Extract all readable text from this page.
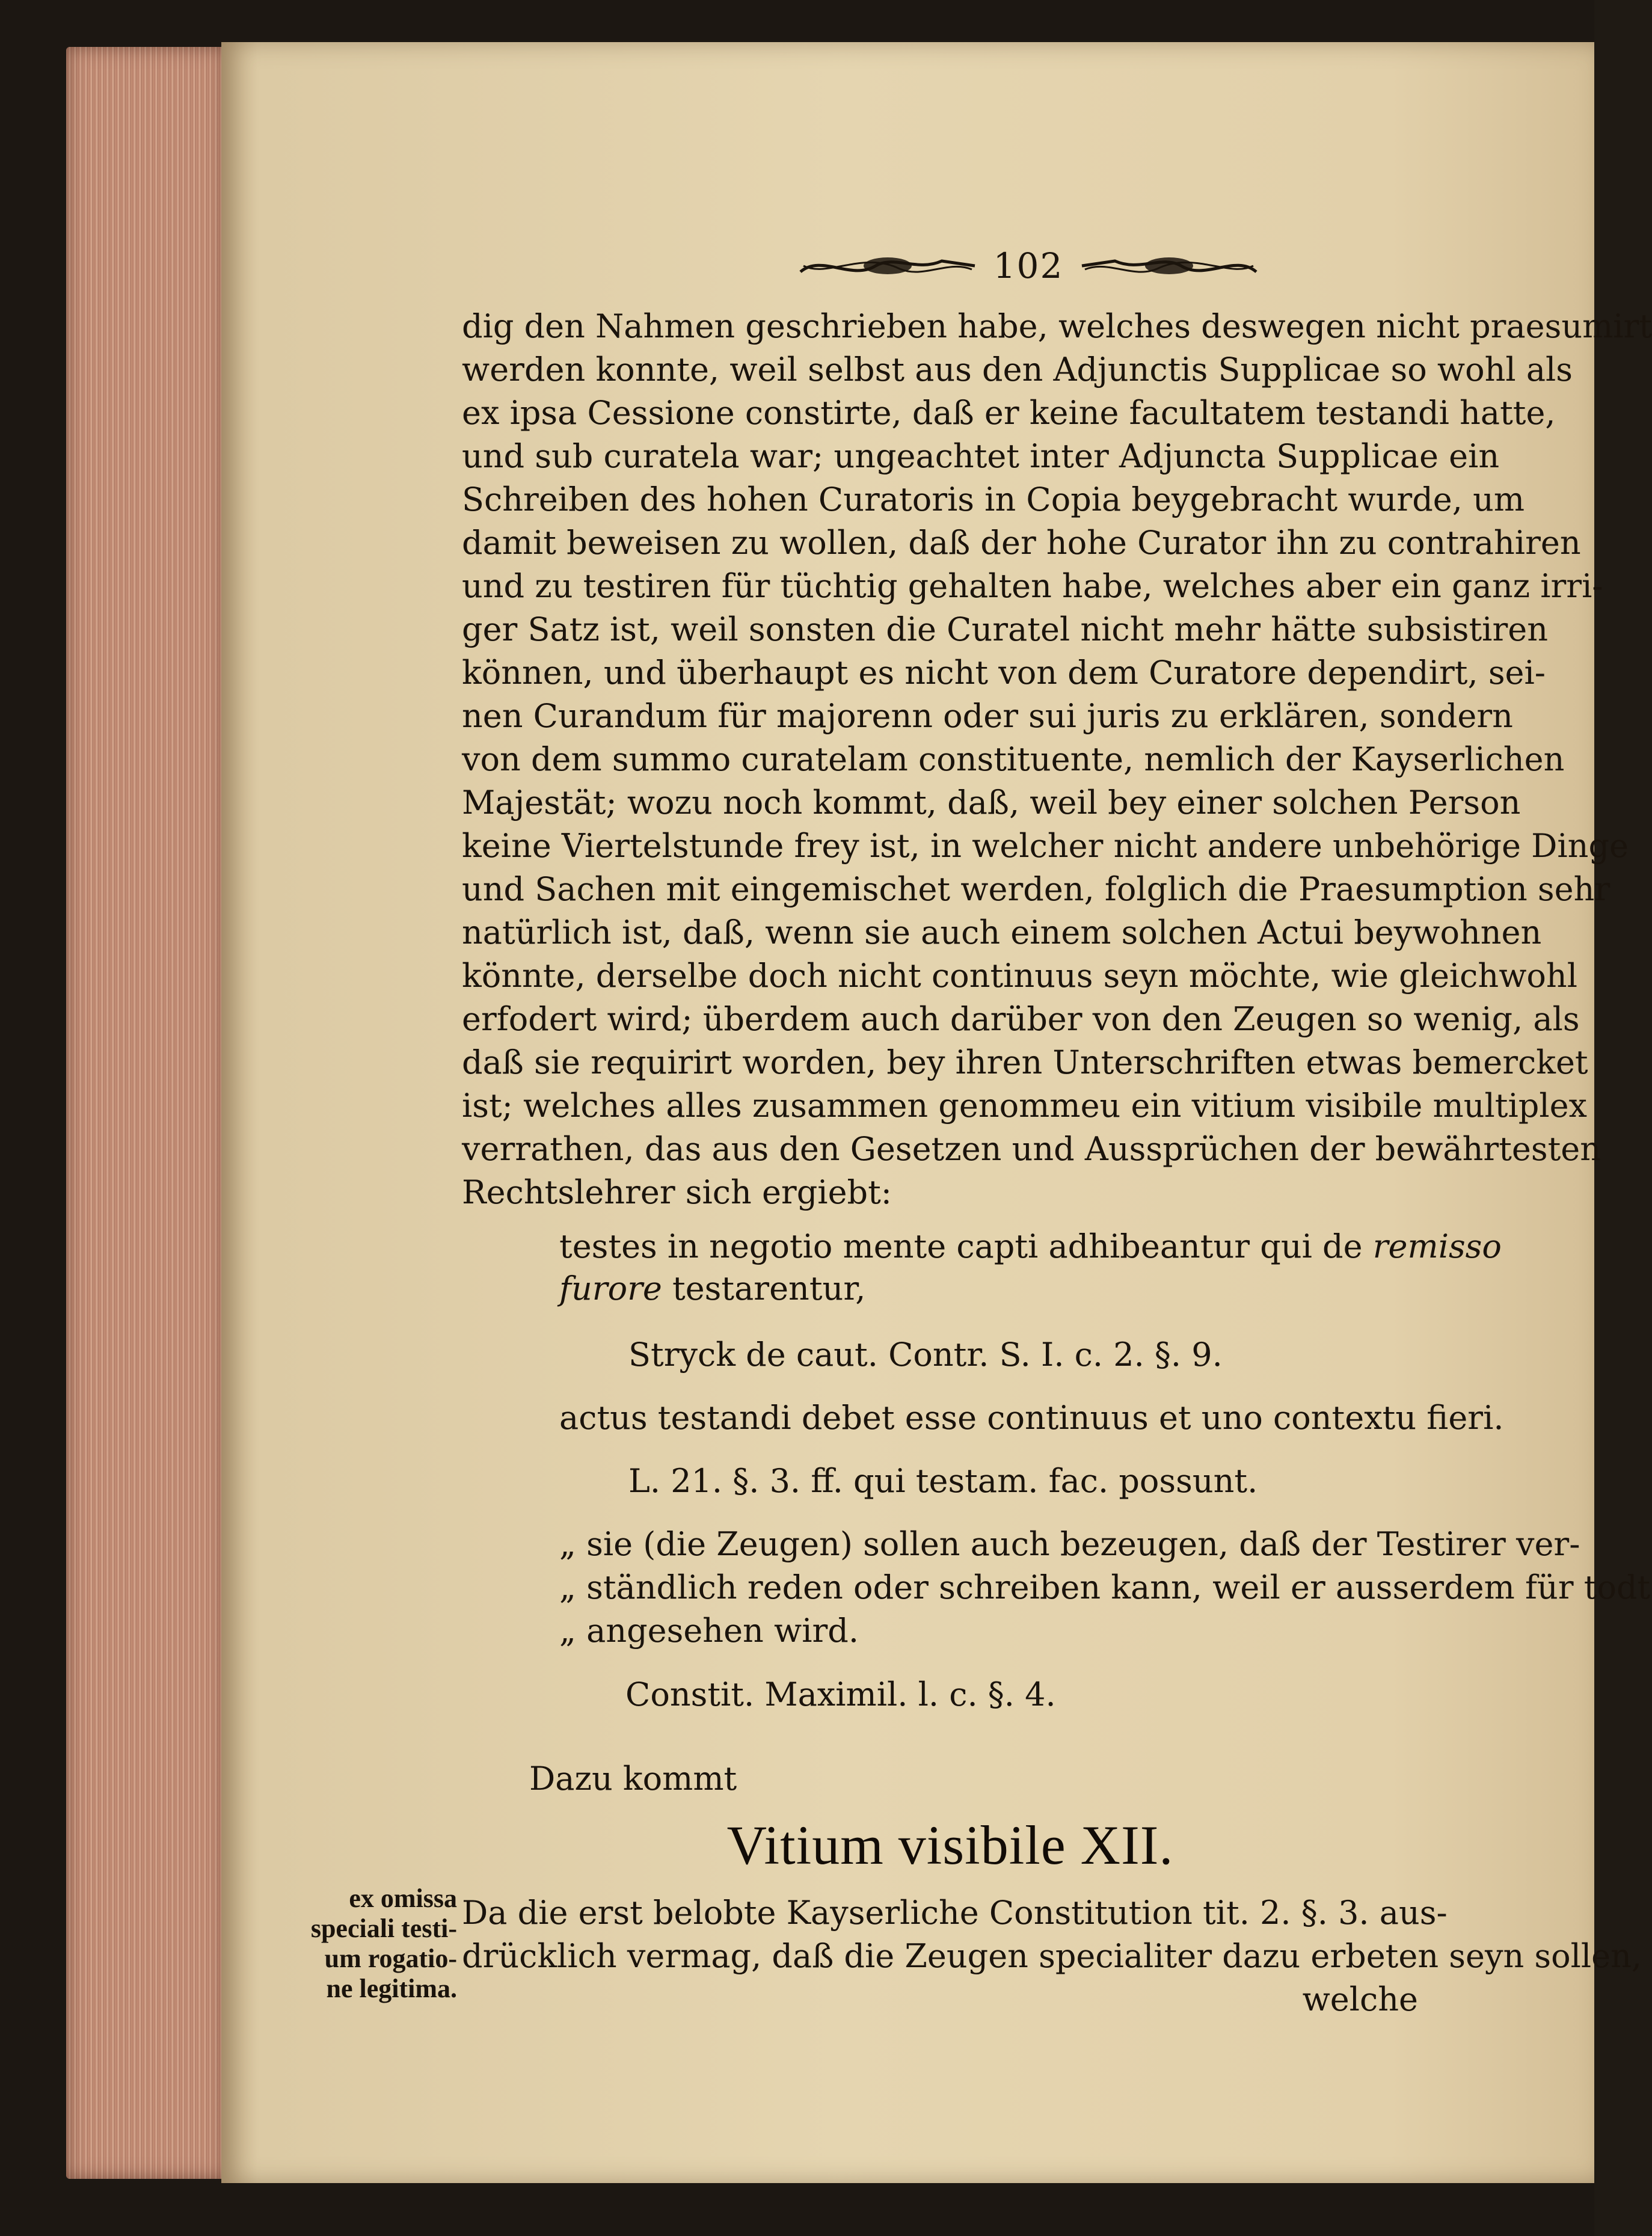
102
dig den Nahmen geschrieben habe, welches deswegen nicht praesumirt
werden konnte, weil selbst aus den Adjunctis Supplicae so wohl als
ex ipsa Cessione constirte, daß er keine facultatem testandi hatte,
und sub curatela war; ungeachtet inter Adjuncta Supplicae ein
Schreiben des hohen Curatoris in Copia beygebracht wurde, um
damit beweisen zu wollen, daß der hohe Curator ihn zu contrahiren
und zu testiren für tüchtig gehalten habe, welches aber ein ganz irri-
ger Satz ist, weil sonsten die Curatel nicht mehr hätte subsistiren
können, und überhaupt es nicht von dem Curatore dependirt, sei-
nen Curandum für majorenn oder sui juris zu erklären, sondern
von dem summo curatelam constituente, nemlich der Kayserlichen
Majestät; wozu noch kommt, daß, weil bey einer solchen Person
keine Viertelstunde frey ist, in welcher nicht andere unbehörige Dinge
und Sachen mit eingemischet werden, folglich die Praesumption sehr
natürlich ist, daß, wenn sie auch einem solchen Actui beywohnen
könnte, derselbe doch nicht continuus seyn möchte, wie gleichwohl
erfodert wird; überdem auch darüber von den Zeugen so wenig, als
daß sie requirirt worden, bey ihren Unterschriften etwas bemercket
ist; welches alles zusammen genommeu ein vitium visibile multiplex
verrathen, das aus den Gesetzen und Aussprüchen der bewährtesten
Rechtslehrer sich ergiebt:
testes in negotio mente capti adhibeantur qui de remisso
furore testarentur,
Stryck de caut. Contr. S. I. c. 2. §. 9.
actus testandi debet esse continuus et uno contextu fieri.
L. 21. §. 3. ff. qui testam. fac. possunt.
„ sie (die Zeugen) sollen auch bezeugen, daß der Testirer ver-
„ ständlich reden oder schreiben kann, weil er ausserdem für todt
„ angesehen wird.
Constit. Maximil. l. c. §. 4.
Dazu kommt
Vitium visibile XII.
ex omissa
speciali testi-
um rogatio-
ne legitima.
Da die erst belobte Kayserliche Constitution tit. 2. §. 3. aus-
drücklich vermag, daß die Zeugen specialiter dazu erbeten seyn sollen,
welche
